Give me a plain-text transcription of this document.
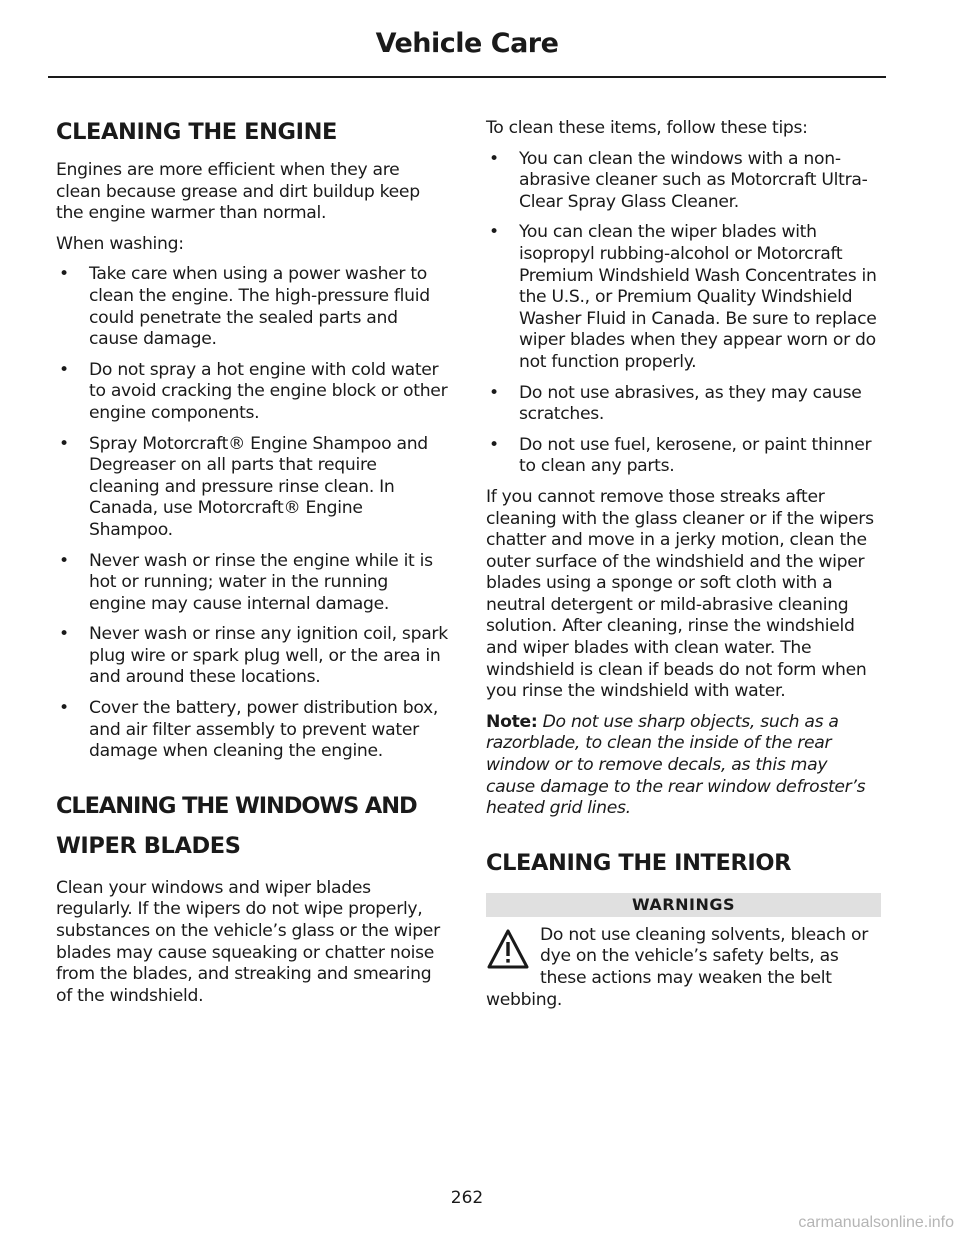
Vehicle Care
CLEANING THE ENGINE

Engines are more efficient when they are clean because grease and dirt buildup keep the engine warmer than normal.

When washing:

• Take care when using a power washer to clean the engine. The high-pressure fluid could penetrate the sealed parts and cause damage.
• Do not spray a hot engine with cold water to avoid cracking the engine block or other engine components.
• Spray Motorcraft® Engine Shampoo and Degreaser on all parts that require cleaning and pressure rinse clean. In Canada, use Motorcraft® Engine Shampoo.
• Never wash or rinse the engine while it is hot or running; water in the running engine may cause internal damage.
• Never wash or rinse any ignition coil, spark plug wire or spark plug well, or the area in and around these locations.
• Cover the battery, power distribution box, and air filter assembly to prevent water damage when cleaning the engine.
CLEANING THE WINDOWS AND
WIPER BLADES

Clean your windows and wiper blades regularly. If the wipers do not wipe properly, substances on the vehicle’s glass or the wiper blades may cause squeaking or chatter noise from the blades, and streaking and smearing of the windshield.

To clean these items, follow these tips:

• You can clean the windows with a non-abrasive cleaner such as Motorcraft Ultra-Clear Spray Glass Cleaner.
• You can clean the wiper blades with isopropyl rubbing-alcohol or Motorcraft Premium Windshield Wash Concentrates in the U.S., or Premium Quality Windshield Washer Fluid in Canada. Be sure to replace wiper blades when they appear worn or do not function properly.
• Do not use abrasives, as they may cause scratches.
• Do not use fuel, kerosene, or paint thinner to clean any parts.

If you cannot remove those streaks after cleaning with the glass cleaner or if the wipers chatter and move in a jerky motion, clean the outer surface of the windshield and the wiper blades using a sponge or soft cloth with a neutral detergent or mild-abrasive cleaning solution. After cleaning, rinse the windshield and wiper blades with clean water. The windshield is clean if beads do not form when you rinse the windshield with water.

Note: Do not use sharp objects, such as a razorblade, to clean the inside of the rear window or to remove decals, as this may cause damage to the rear window defroster’s heated grid lines.

CLEANING THE INTERIOR
WARNINGS
Do not use cleaning solvents, bleach or dye on the vehicle’s safety belts, as these actions may weaken the belt webbing.
262
carmanualsonline.info
